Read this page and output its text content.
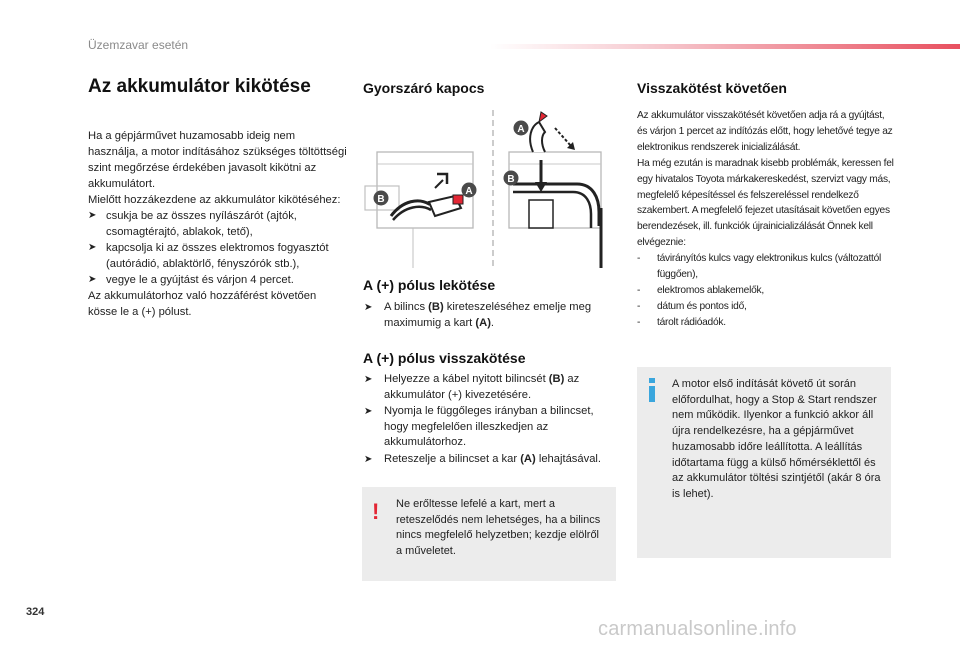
Üzemzavar esetén
Az akkumulátor kikötése

Ha a gépjárművet huzamosabb ideig nem használja, a motor indításához szükséges töltöttségi szint megőrzése érdekében javasolt kikötni az akkumulátort.

Mielőtt hozzákezdene az akkumulátor kikötéséhez:

➤ csukja be az összes nyílászárót (ajtók, csomagtérajtó, ablakok, tető),
➤ kapcsolja ki az összes elektromos fogyasztót (autórádió, ablaktörlő, fényszórók stb.),
➤ vegye le a gyújtást és várjon 4 percet.

Az akkumulátorhoz való hozzáférést követően kösse le a (+) pólust.

Gyorszáró kapocs
A
B
A
B
A (+) pólus lekötése
➤	A bilincs (B) kireteszeléséhez emelje meg maximumig a kart (A).
A (+) pólus visszakötése
➤	Helyezze a kábel nyitott bilincsét (B) az akkumulátor (+) kivezetésére.
➤	Nyomja le függőleges irányban a bilincset, hogy megfelelően illeszkedjen az akkumulátorhoz.
➤	Reteszelje a bilincset a kar (A) lehajtásával.
! Ne erőltesse lefelé a kart, mert a reteszelődés nem lehetséges, ha a bilincs nincs megfelelő helyzetben; kezdje elölről a műveletet.
Visszakötést követően

Az akkumulátor visszakötését követően adja rá a gyújtást, és várjon 1 percet az indítózás előtt, hogy lehetővé tegye az elektronikus rendszerek inicializálását.

Ha még ezután is maradnak kisebb problémák, keressen fel egy hivatalos Toyota márkakereskedést, szervizt vagy más, megfelelő képesítéssel és felszereléssel rendelkező szakembert. A megfelelő fejezet utasításait követően egyes berendezések, ill. funkciók újrainicializálását Önnek kell elvégeznie:

-	távirányítós kulcs vagy elektronikus kulcs (változattól függően),
-	elektromos ablakemelők,
-	dátum és pontos idő,
-	tárolt rádióadók.
A motor első indítását követő út során előfordulhat, hogy a Stop & Start rendszer nem működik. Ilyenkor a funkció akkor áll újra rendelkezésre, ha a gépjárművet huzamosabb időre leállította. A leállítás időtartama függ a külső hőmérséklettől és az akkumulátor töltési szintjétől (akár 8 óra is lehet).
324
carmanualsonline.info
